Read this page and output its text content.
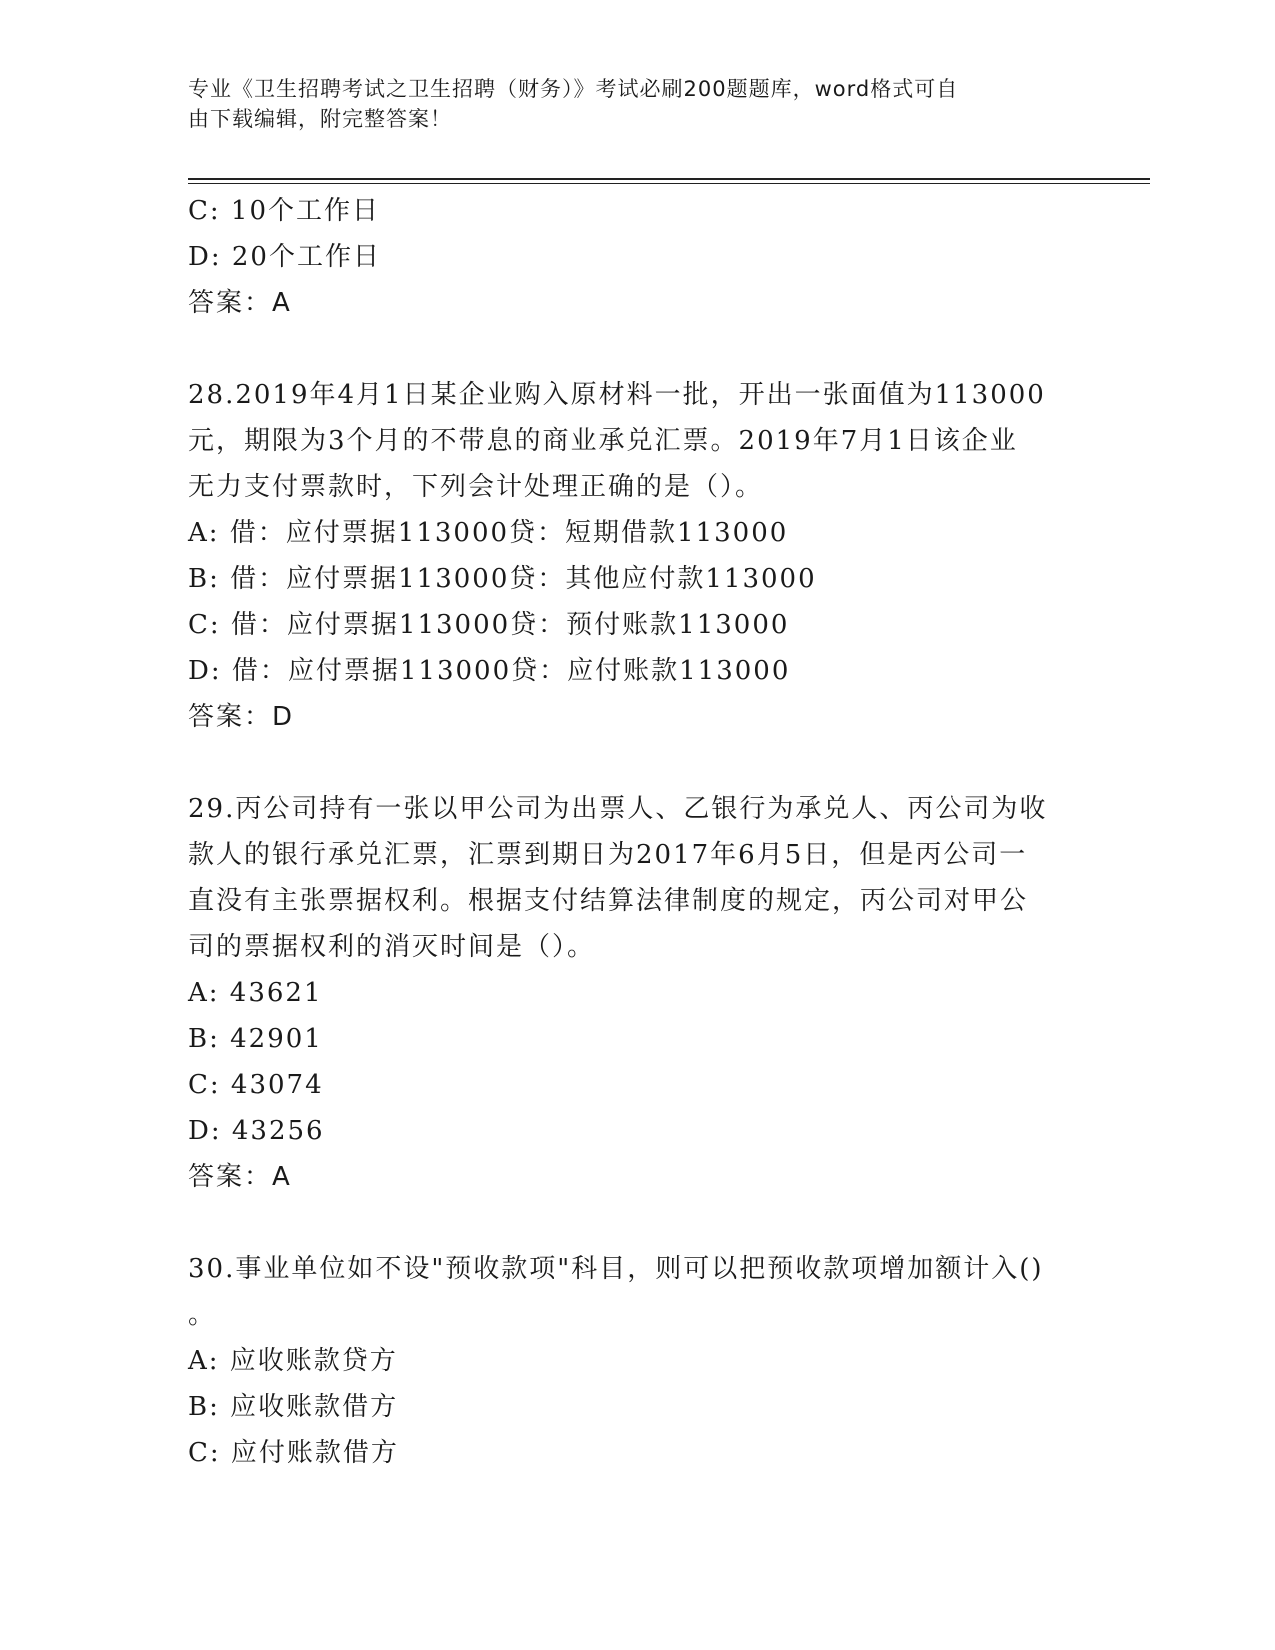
专业《卫生招聘考试之卫生招聘（财务）》考试必刷200题题库，word格式可自
由下载编辑，附完整答案！
C: 10个工作日
D: 20个工作日
答案：A
28.2019年4月1日某企业购入原材料一批，开出一张面值为113000
元，期限为3个月的不带息的商业承兑汇票。2019年7月1日该企业
无力支付票款时，下列会计处理正确的是（）。
A: 借：应付票据113000贷：短期借款113000
B: 借：应付票据113000贷：其他应付款113000
C: 借：应付票据113000贷：预付账款113000
D: 借：应付票据113000贷：应付账款113000
答案：D
29.丙公司持有一张以甲公司为出票人、乙银行为承兑人、丙公司为收
款人的银行承兑汇票，汇票到期日为2017年6月5日，但是丙公司一
直没有主张票据权利。根据支付结算法律制度的规定，丙公司对甲公
司的票据权利的消灭时间是（）。
A: 43621
B: 42901
C: 43074
D: 43256
答案：A
30.事业单位如不设"预收款项"科目，则可以把预收款项增加额计入()
。
A: 应收账款贷方
B: 应收账款借方
C: 应付账款借方
